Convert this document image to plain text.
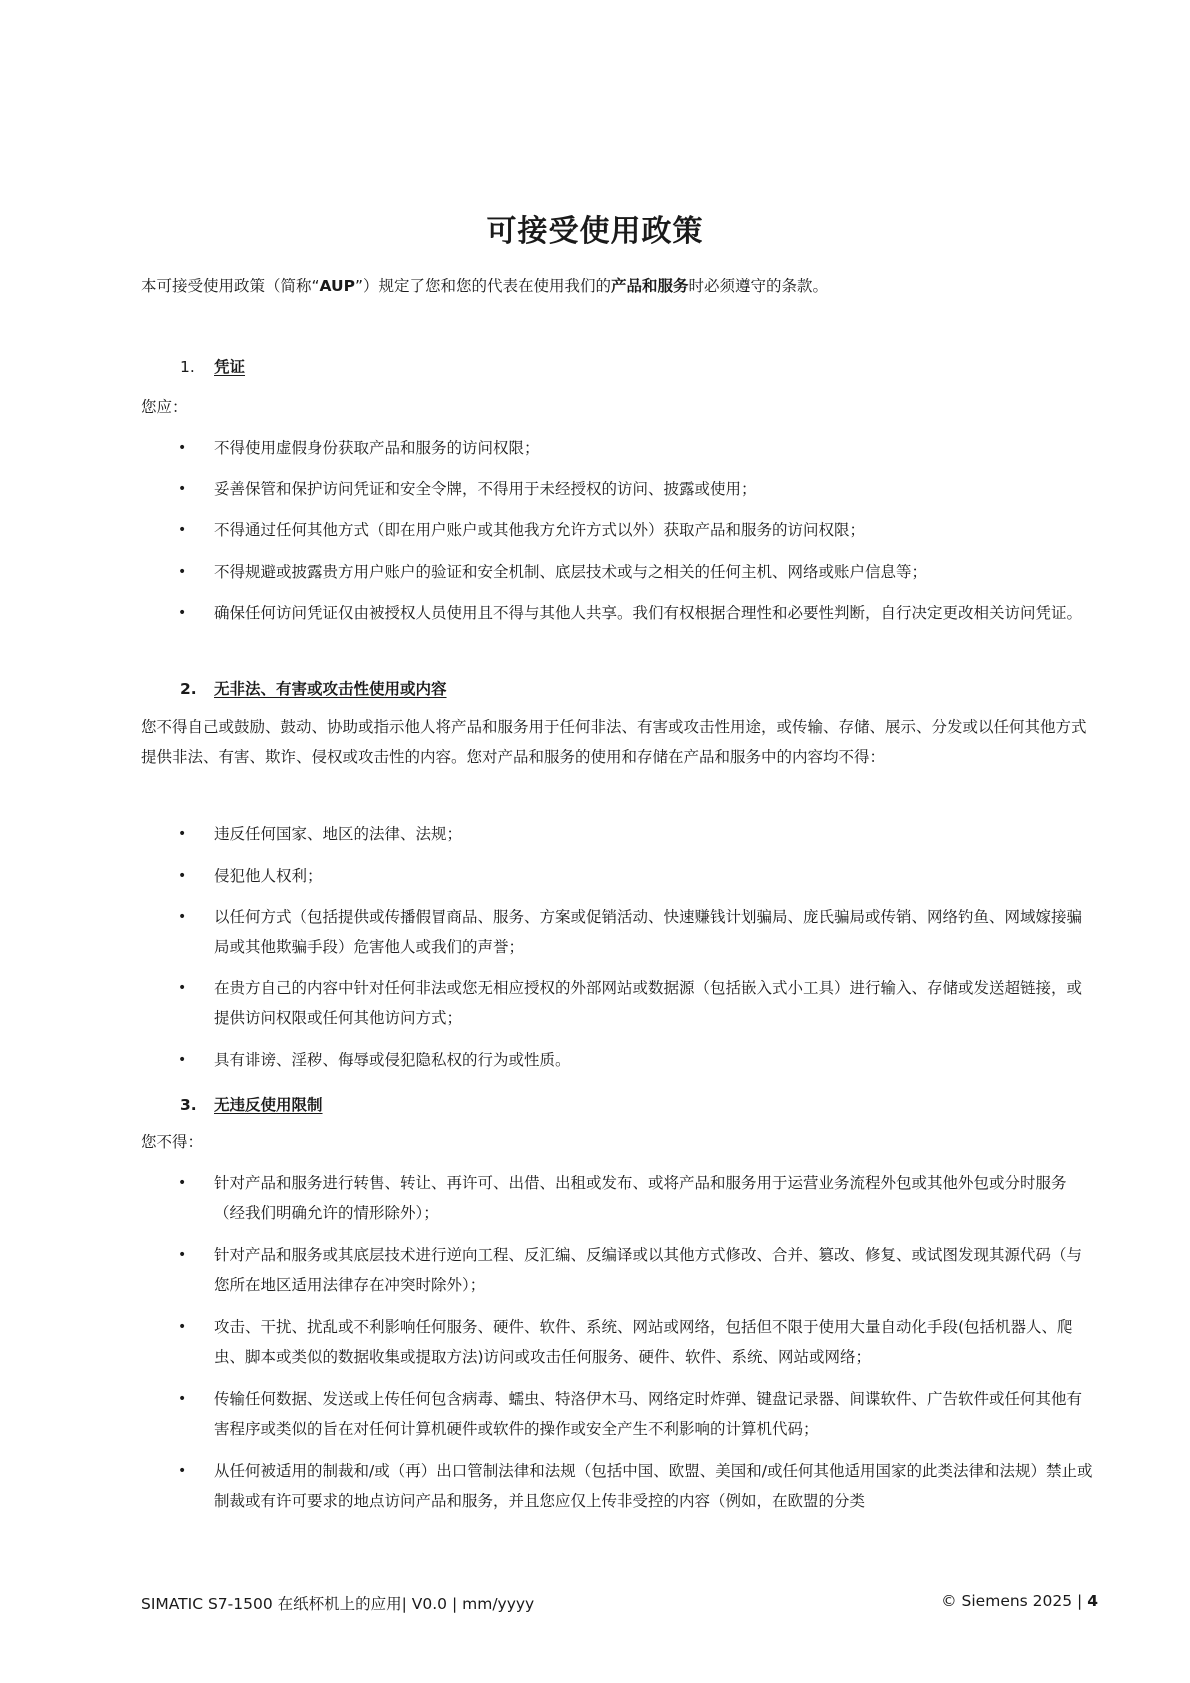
可接受使用政策
本可接受使用政策（简称“AUP”）规定了您和您的代表在使用我们的产品和服务时必须遵守的条款。
1. 凭证
您应：
•	不得使用虚假身份获取产品和服务的访问权限；
•	妥善保管和保护访问凭证和安全令牌，不得用于未经授权的访问、披露或使用；
•	不得通过任何其他方式（即在用户账户或其他我方允许方式以外）获取产品和服务的访问权限；
•	不得规避或披露贵方用户账户的验证和安全机制、底层技术或与之相关的任何主机、网络或账户信息等；
•	确保任何访问凭证仅由被授权人员使用且不得与其他人共享。我们有权根据合理性和必要性判断，自行决定更改相关访问凭证。
2. 无非法、有害或攻击性使用或内容
您不得自己或鼓励、鼓动、协助或指示他人将产品和服务用于任何非法、有害或攻击性用途，或传输、存储、展示、分发或以任何其他方式提供非法、有害、欺诈、侵权或攻击性的内容。您对产品和服务的使用和存储在产品和服务中的内容均不得：
•	违反任何国家、地区的法律、法规；
•	侵犯他人权利；
•	以任何方式（包括提供或传播假冒商品、服务、方案或促销活动、快速赚钱计划骗局、庞氏骗局或传销、网络钓鱼、网域嫁接骗局或其他欺骗手段）危害他人或我们的声誉；
•	在贵方自己的内容中针对任何非法或您无相应授权的外部网站或数据源（包括嵌入式小工具）进行输入、存储或发送超链接，或提供访问权限或任何其他访问方式；
•	具有诽谤、淫秽、侮辱或侵犯隐私权的行为或性质。
3. 无违反使用限制
您不得：
•	针对产品和服务进行转售、转让、再许可、出借、出租或发布、或将产品和服务用于运营业务流程外包或其他外包或分时服务（经我们明确允许的情形除外）；
•	针对产品和服务或其底层技术进行逆向工程、反汇编、反编译或以其他方式修改、合并、篡改、修复、或试图发现其源代码（与您所在地区适用法律存在冲突时除外）；
•	攻击、干扰、扰乱或不利影响任何服务、硬件、软件、系统、网站或网络，包括但不限于使用大量自动化手段(包括机器人、爬虫、脚本或类似的数据收集或提取方法)访问或攻击任何服务、硬件、软件、系统、网站或网络；
•	传输任何数据、发送或上传任何包含病毒、蠕虫、特洛伊木马、网络定时炸弹、键盘记录器、间谍软件、广告软件或任何其他有害程序或类似的旨在对任何计算机硬件或软件的操作或安全产生不利影响的计算机代码；
•	从任何被适用的制裁和/或（再）出口管制法律和法规（包括中国、欧盟、美国和/或任何其他适用国家的此类法律和法规）禁止或制裁或有许可要求的地点访问产品和服务，并且您应仅上传非受控的内容（例如，在欧盟的分类
SIMATIC S7-1500 在纸杯机上的应用| V0.0 | mm/yyyy	© Siemens 2025 | 4
